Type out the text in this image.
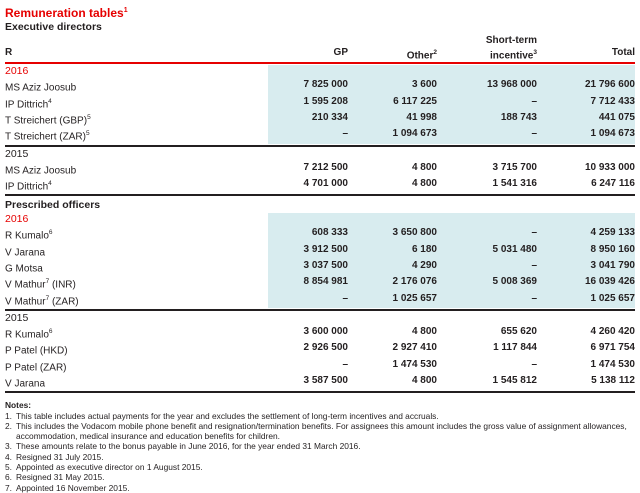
Remuneration tables$^1$
Executive directors
Short-term
R	GP	Other$^2$	incentive$^3$	Total
2016
MS Aziz Joosub	7 825 000	3 600	13 968 000	21 796 600
IP Dittrich$^4$	1 595 208	6 117 225	–	7 712 433
T Streichert (GBP)$^5$	210 334	41 998	188 743	441 075
T Streichert (ZAR)$^5$	–	1 094 673	–	1 094 673
2015
MS Aziz Joosub	7 212 500	4 800	3 715 700	10 933 000
IP Dittrich$^4$	4 701 000	4 800	1 541 316	6 247 116
Prescribed officers
2016
R Kumalo$^6$	608 333	3 650 800	–	4 259 133
V Jarana	3 912 500	6 180	5 031 480	8 950 160
G Motsa	3 037 500	4 290	–	3 041 790
V Mathur$^7$ (INR)	8 854 981	2 176 076	5 008 369	16 039 426
V Mathur$^7$ (ZAR)	–	1 025 657	–	1 025 657
2015
R Kumalo$^6$	3 600 000	4 800	655 620	4 260 420
P Patel (HKD)	2 926 500	2 927 410	1 117 844	6 971 754
P Patel (ZAR)	–	1 474 530	–	1 474 530
V Jarana	3 587 500	4 800	1 545 812	5 138 112
Notes:
1. This table includes actual payments for the year and excludes the settlement of long-term incentives and accruals.
2. This includes the Vodacom mobile phone benefit and resignation/termination benefits. For assignees this amount includes the gross value of assignment allowances, accommodation, medical insurance and education benefits for children.
3. These amounts relate to the bonus payable in June 2016, for the year ended 31 March 2016.
4. Resigned 31 July 2015.
5. Appointed as executive director on 1 August 2015.
6. Resigned 31 May 2015.
7. Appointed 16 November 2015.
